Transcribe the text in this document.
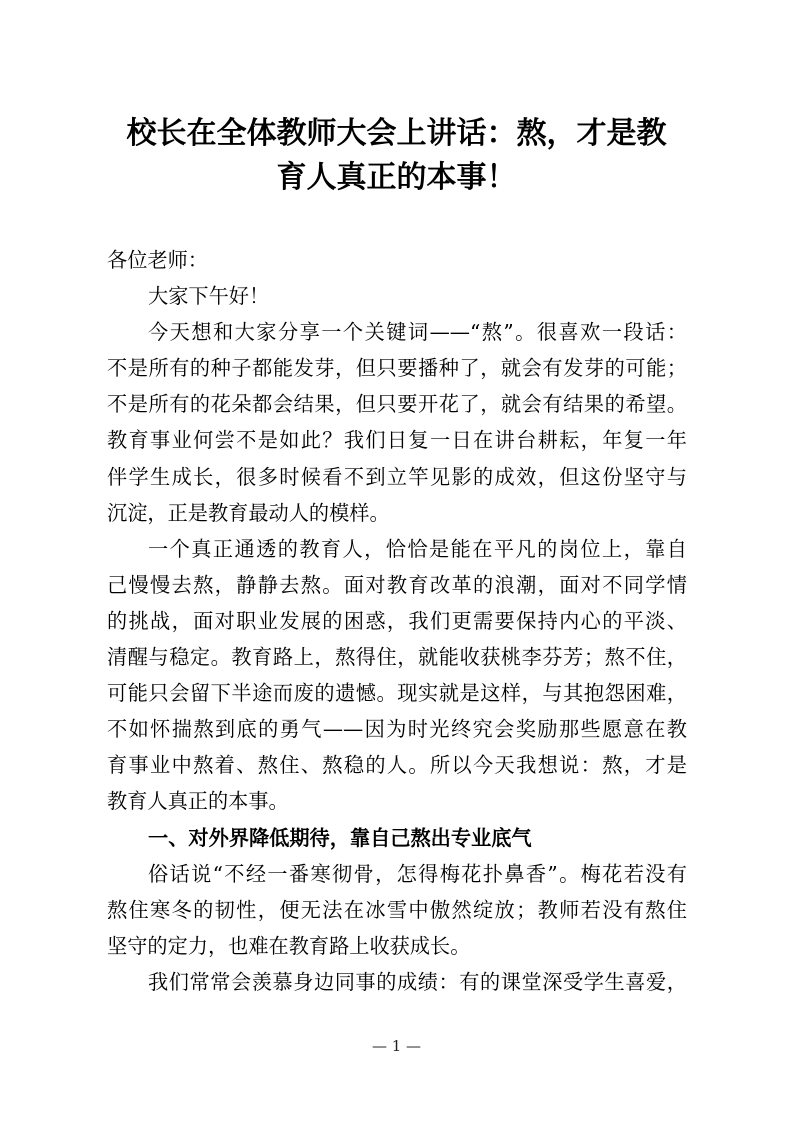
校长在全体教师大会上讲话：熬，才是教
育人真正的本事！
各位老师：
大家下午好！
今天想和大家分享一个关键词——“熬”。很喜欢一段话：
不是所有的种子都能发芽，但只要播种了，就会有发芽的可能；
不是所有的花朵都会结果，但只要开花了，就会有结果的希望。
教育事业何尝不是如此？我们日复一日在讲台耕耘，年复一年
伴学生成长，很多时候看不到立竿见影的成效，但这份坚守与
沉淀，正是教育最动人的模样。
一个真正通透的教育人，恰恰是能在平凡的岗位上，靠自
己慢慢去熬，静静去熬。面对教育改革的浪潮，面对不同学情
的挑战，面对职业发展的困惑，我们更需要保持内心的平淡、
清醒与稳定。教育路上，熬得住，就能收获桃李芬芳；熬不住，
可能只会留下半途而废的遗憾。现实就是这样，与其抱怨困难，
不如怀揣熬到底的勇气——因为时光终究会奖励那些愿意在教
育事业中熬着、熬住、熬稳的人。所以今天我想说：熬，才是
教育人真正的本事。
一、对外界降低期待，靠自己熬出专业底气
俗话说“不经一番寒彻骨，怎得梅花扑鼻香”。梅花若没有
熬住寒冬的韧性，便无法在冰雪中傲然绽放；教师若没有熬住
坚守的定力，也难在教育路上收获成长。
我们常常会羡慕身边同事的成绩：有的课堂深受学生喜爱，
— 1 —
